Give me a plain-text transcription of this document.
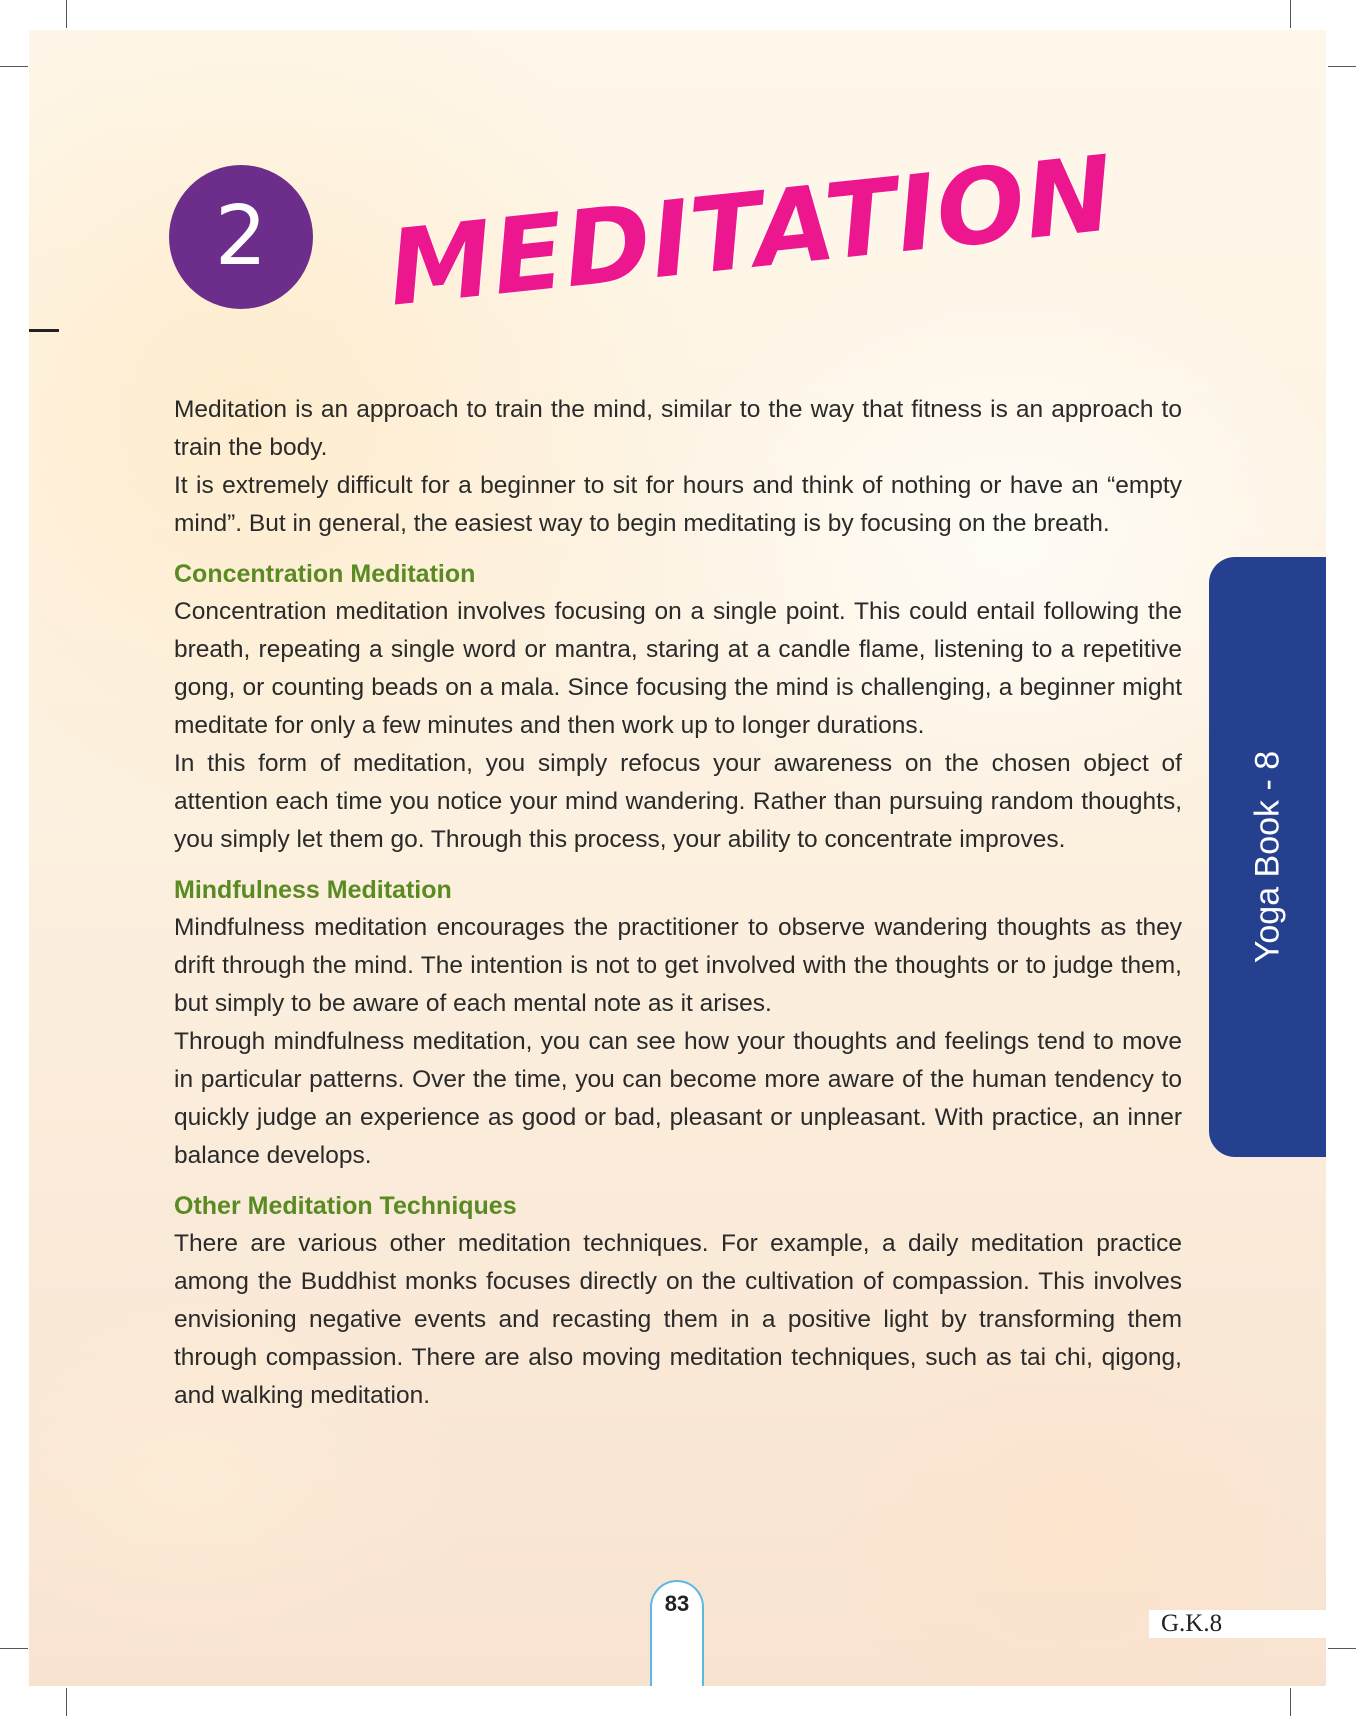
2	MEDITATION

Meditation is an approach to train the mind, similar to the way that fitness is an approach to train the body.

It is extremely difficult for a beginner to sit for hours and think of nothing or have an “empty mind”. But in general, the easiest way to begin meditating is by focusing on the breath.

Concentration Meditation

Concentration meditation involves focusing on a single point. This could entail following the breath, repeating a single word or mantra, staring at a candle flame, listening to a repetitive gong, or counting beads on a mala. Since focusing the mind is challenging, a beginner might meditate for only a few minutes and then work up to longer durations.

In this form of meditation, you simply refocus your awareness on the chosen object of attention each time you notice your mind wandering. Rather than pursuing random thoughts, you simply let them go. Through this process, your ability to concentrate improves.

Mindfulness Meditation

Mindfulness meditation encourages the practitioner to observe wandering thoughts as they drift through the mind. The intention is not to get involved with the thoughts or to judge them, but simply to be aware of each mental note as it arises.

Through mindfulness meditation, you can see how your thoughts and feelings tend to move in particular patterns. Over the time, you can become more aware of the human tendency to quickly judge an experience as good or bad, pleasant or unpleasant. With practice, an inner balance develops.

Other Meditation Techniques

There are various other meditation techniques. For example, a daily meditation practice among the Buddhist monks focuses directly on the cultivation of compassion. This involves envisioning negative events and recasting them in a positive light by transforming them through compassion. There are also moving meditation techniques, such as tai chi, qigong, and walking meditation.

Yoga Book - 8
83
G.K.8
